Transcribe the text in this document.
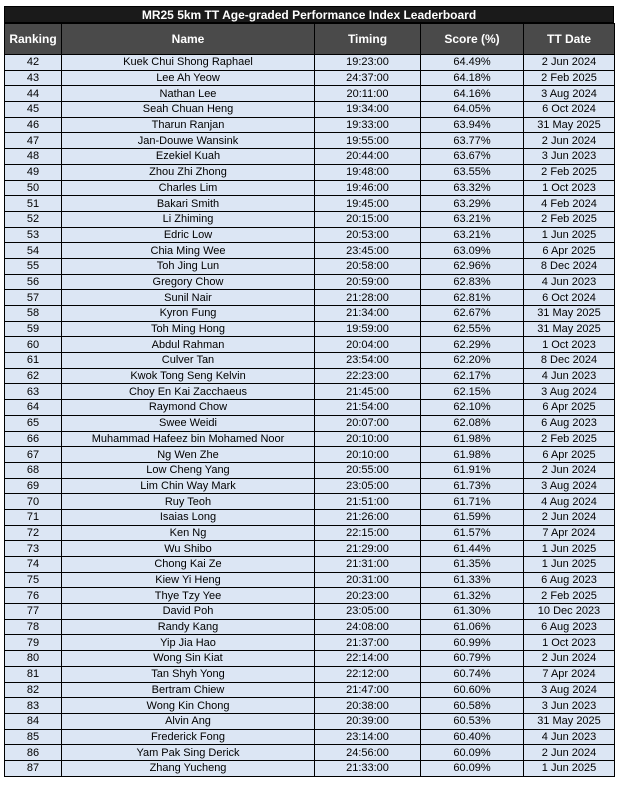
MR25 5km TT Age-graded Performance Index Leaderboard
Ranking	Name	Timing	Score (%)	TT Date
42	Kuek Chui Shong Raphael	19:23:00	64.49%	2 Jun 2024
43	Lee Ah Yeow	24:37:00	64.18%	2 Feb 2025
44	Nathan Lee	20:11:00	64.16%	3 Aug 2024
45	Seah Chuan Heng	19:34:00	64.05%	6 Oct 2024
46	Tharun Ranjan	19:33:00	63.94%	31 May 2025
47	Jan-Douwe Wansink	19:55:00	63.77%	2 Jun 2024
48	Ezekiel Kuah	20:44:00	63.67%	3 Jun 2023
49	Zhou Zhi Zhong	19:48:00	63.55%	2 Feb 2025
50	Charles Lim	19:46:00	63.32%	1 Oct 2023
51	Bakari Smith	19:45:00	63.29%	4 Feb 2024
52	Li Zhiming	20:15:00	63.21%	2 Feb 2025
53	Edric Low	20:53:00	63.21%	1 Jun 2025
54	Chia Ming Wee	23:45:00	63.09%	6 Apr 2025
55	Toh Jing Lun	20:58:00	62.96%	8 Dec 2024
56	Gregory Chow	20:59:00	62.83%	4 Jun 2023
57	Sunil Nair	21:28:00	62.81%	6 Oct 2024
58	Kyron Fung	21:34:00	62.67%	31 May 2025
59	Toh Ming Hong	19:59:00	62.55%	31 May 2025
60	Abdul Rahman	20:04:00	62.29%	1 Oct 2023
61	Culver Tan	23:54:00	62.20%	8 Dec 2024
62	Kwok Tong Seng Kelvin	22:23:00	62.17%	4 Jun 2023
63	Choy En Kai Zacchaeus	21:45:00	62.15%	3 Aug 2024
64	Raymond Chow	21:54:00	62.10%	6 Apr 2025
65	Swee Weidi	20:07:00	62.08%	6 Aug 2023
66	Muhammad Hafeez bin Mohamed Noor	20:10:00	61.98%	2 Feb 2025
67	Ng Wen Zhe	20:10:00	61.98%	6 Apr 2025
68	Low Cheng Yang	20:55:00	61.91%	2 Jun 2024
69	Lim Chin Way Mark	23:05:00	61.73%	3 Aug 2024
70	Ruy Teoh	21:51:00	61.71%	4 Aug 2024
71	Isaias Long	21:26:00	61.59%	2 Jun 2024
72	Ken Ng	22:15:00	61.57%	7 Apr 2024
73	Wu Shibo	21:29:00	61.44%	1 Jun 2025
74	Chong Kai Ze	21:31:00	61.35%	1 Jun 2025
75	Kiew Yi Heng	20:31:00	61.33%	6 Aug 2023
76	Thye Tzy Yee	20:23:00	61.32%	2 Feb 2025
77	David Poh	23:05:00	61.30%	10 Dec 2023
78	Randy Kang	24:08:00	61.06%	6 Aug 2023
79	Yip Jia Hao	21:37:00	60.99%	1 Oct 2023
80	Wong Sin Kiat	22:14:00	60.79%	2 Jun 2024
81	Tan Shyh Yong	22:12:00	60.74%	7 Apr 2024
82	Bertram Chiew	21:47:00	60.60%	3 Aug 2024
83	Wong Kin Chong	20:38:00	60.58%	3 Jun 2023
84	Alvin Ang	20:39:00	60.53%	31 May 2025
85	Frederick Fong	23:14:00	60.40%	4 Jun 2023
86	Yam Pak Sing Derick	24:56:00	60.09%	2 Jun 2024
87	Zhang Yucheng	21:33:00	60.09%	1 Jun 2025
